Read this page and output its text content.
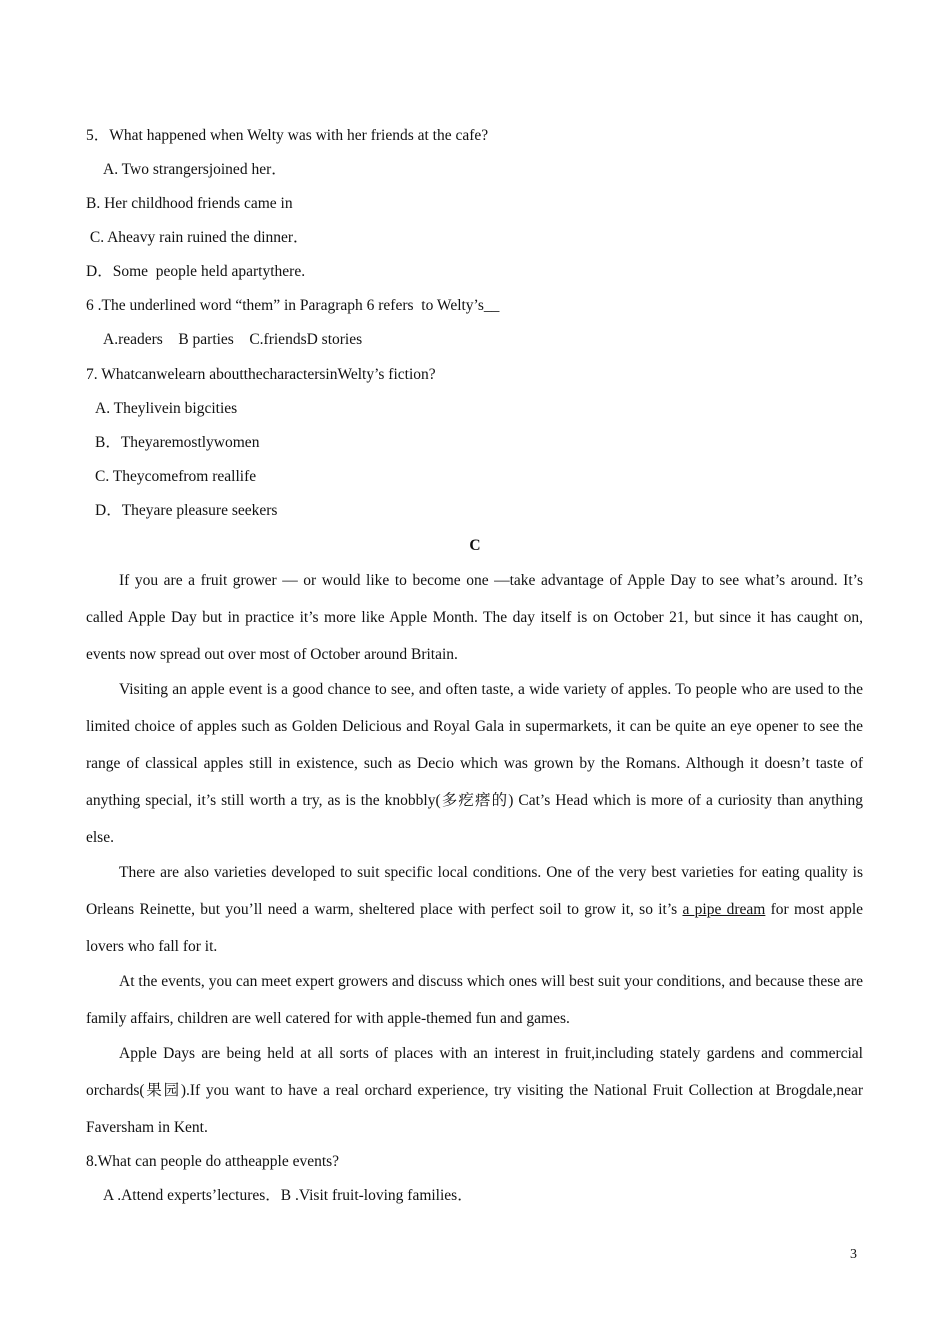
5．What happened when Welty was with her friends at the cafe?
A. Two strangersjoined her．
B. Her childhood friends came in
C. Aheavy rain ruined the dinner．
D．Some  people held apartythere.
6 .The underlined word “them” in Paragraph 6 refers  to Welty’s__
A.readers    B parties    C.friendsD stories
7. Whatcanwelearn aboutthecharactersinWelty’s fiction?
A. Theylivein bigcities
B．Theyaremostlywomen
C. Theycomefrom reallife
D．Theyare pleasure seekers
C
If you are a fruit grower — or would like to become one —take advantage of Apple Day to see what’s around. It’s called Apple Day but in practice it’s more like Apple Month. The day itself is on October 21, but since it has caught on, events now spread out over most of October around Britain.
Visiting an apple event is a good chance to see, and often taste, a wide variety of apples. To people who are used to the limited choice of apples such as Golden Delicious and Royal Gala in supermarkets, it can be quite an eye opener to see the range of classical apples still in existence, such as Decio which was grown by the Romans. Although it doesn’t taste of anything special, it’s still worth a try, as is the knobbly(多疙瘩的) Cat’s Head which is more of a curiosity than anything else.
There are also varieties developed to suit specific local conditions. One of the very best varieties for eating quality is Orleans Reinette, but you’ll need a warm, sheltered place with perfect soil to grow it, so it’s a pipe dream for most apple lovers who fall for it.
At the events, you can meet expert growers and discuss which ones will best suit your conditions, and because these are family affairs, children are well catered for with apple-themed fun and games.
Apple Days are being held at all sorts of places with an interest in fruit,including stately gardens and commercial orchards(果园).If you want to have a real orchard experience, try visiting the National Fruit Collection at Brogdale,near Faversham in Kent.
8.What can people do attheapple events?
A .Attend experts’lectures．B .Visit fruit-loving families．
3
